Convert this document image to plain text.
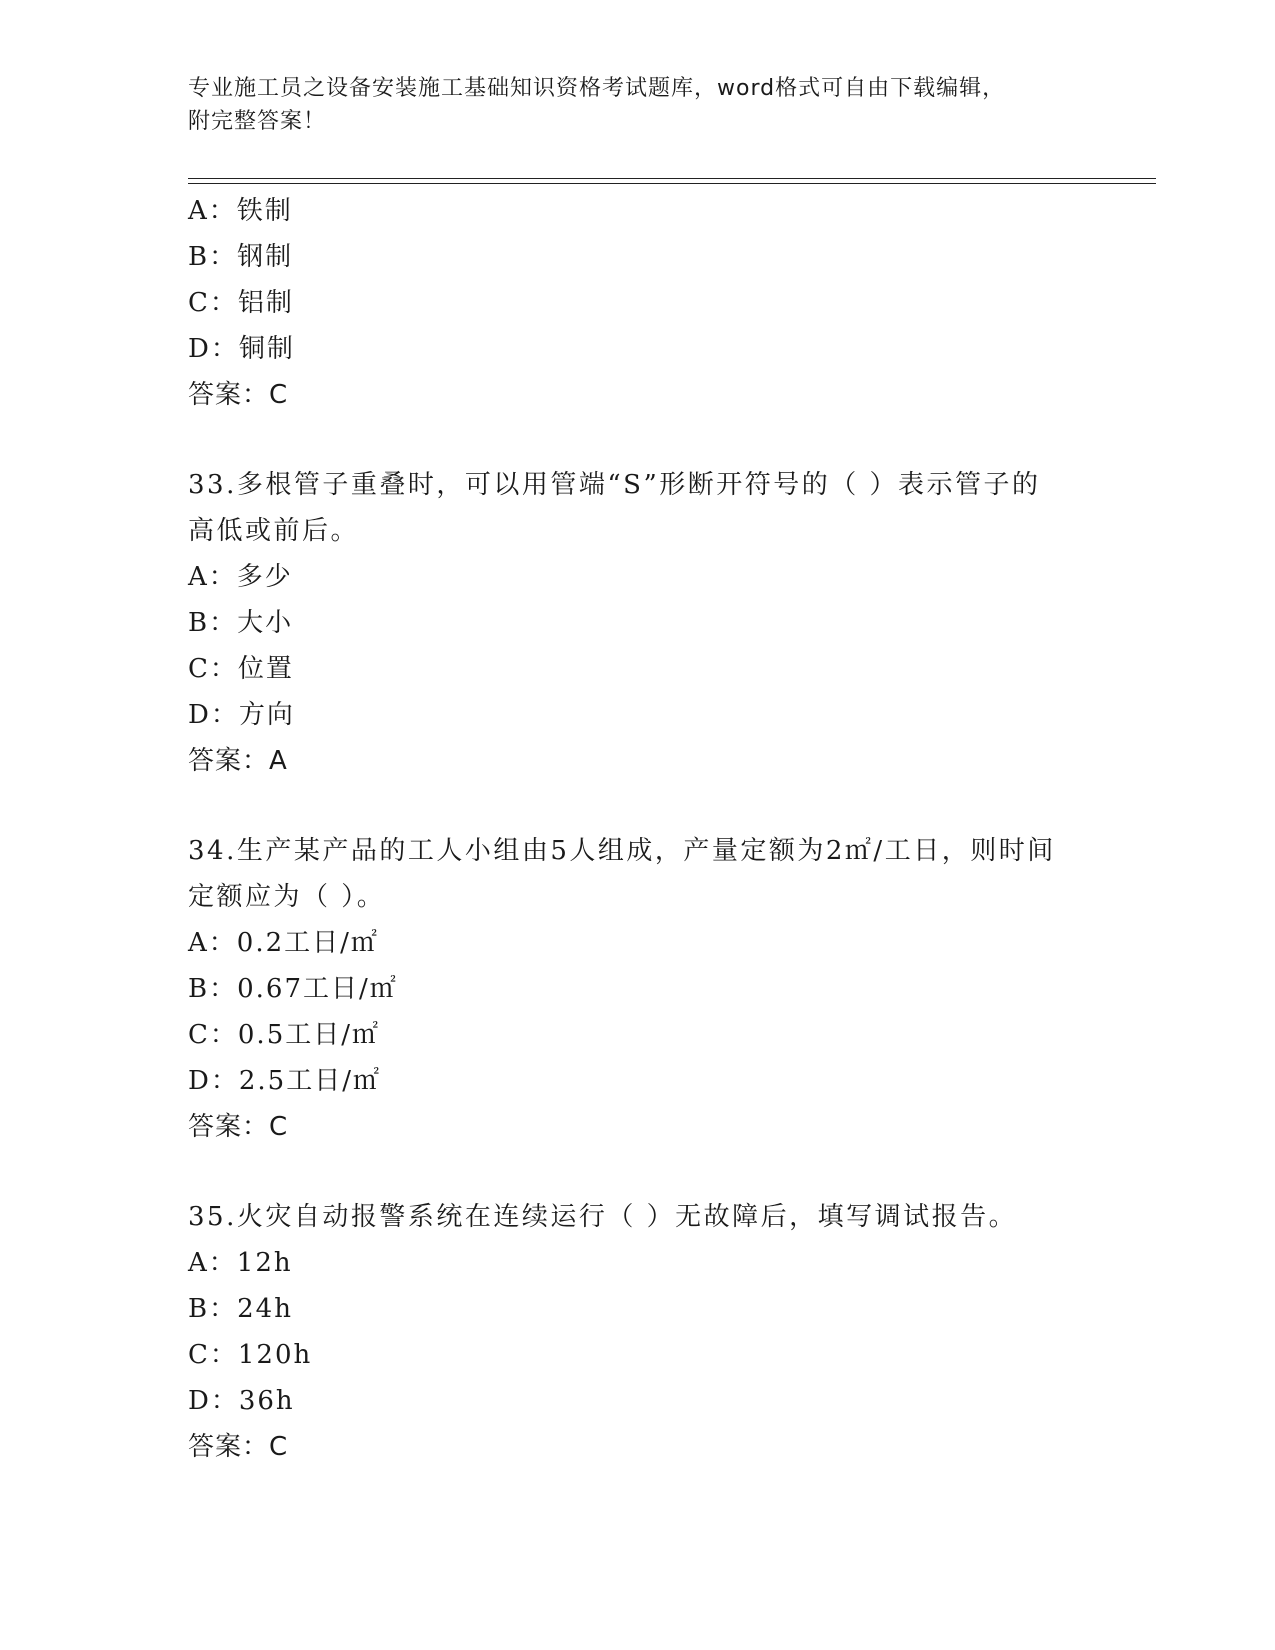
专业施工员之设备安装施工基础知识资格考试题库，word格式可自由下载编辑，
附完整答案！
A：铁制
B：钢制
C：铝制
D：铜制
答案：C
33.多根管子重叠时，可以用管端“S”形断开符号的（ ）表示管子的
高低或前后。
A：多少
B：大小
C：位置
D：方向
答案：A
34.生产某产品的工人小组由5人组成，产量定额为2㎡/工日，则时间
定额应为（ ）。
A：0.2工日/㎡
B：0.67工日/㎡
C：0.5工日/㎡
D：2.5工日/㎡
答案：C
35.火灾自动报警系统在连续运行（ ）无故障后，填写调试报告。
A：12h
B：24h
C：120h
D：36h
答案：C
